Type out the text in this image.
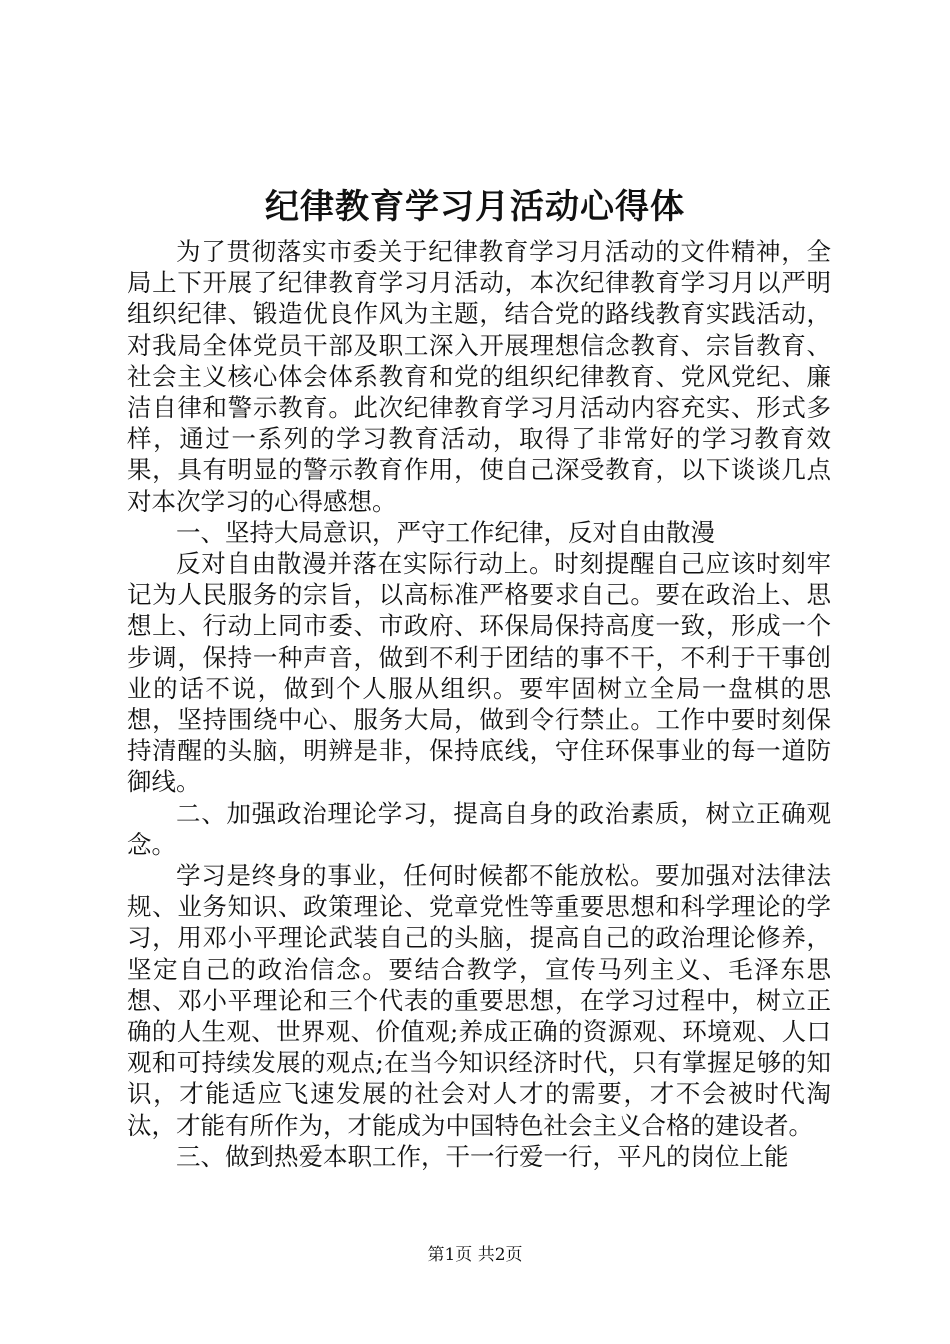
纪律教育学习月活动心得体

为了贯彻落实市委关于纪律教育学习月活动的文件精神，全局上下开展了纪律教育学习月活动，本次纪律教育学习月以严明组织纪律、锻造优良作风为主题，结合党的路线教育实践活动，对我局全体党员干部及职工深入开展理想信念教育、宗旨教育、社会主义核心体会体系教育和党的组织纪律教育、党风党纪、廉洁自律和警示教育。此次纪律教育学习月活动内容充实、形式多样，通过一系列的学习教育活动，取得了非常好的学习教育效果，具有明显的警示教育作用，使自己深受教育，以下谈谈几点对本次学习的心得感想。

一、坚持大局意识，严守工作纪律，反对自由散漫

反对自由散漫并落在实际行动上。时刻提醒自己应该时刻牢记为人民服务的宗旨，以高标准严格要求自己。要在政治上、思想上、行动上同市委、市政府、环保局保持高度一致，形成一个步调，保持一种声音，做到不利于团结的事不干，不利于干事创业的话不说，做到个人服从组织。要牢固树立全局一盘棋的思想，坚持围绕中心、服务大局，做到令行禁止。工作中要时刻保持清醒的头脑，明辨是非，保持底线，守住环保事业的每一道防御线。

二、加强政治理论学习，提高自身的政治素质，树立正确观念。

学习是终身的事业，任何时候都不能放松。要加强对法律法规、业务知识、政策理论、党章党性等重要思想和科学理论的学习，用邓小平理论武装自己的头脑，提高自己的政治理论修养，坚定自己的政治信念。要结合教学，宣传马列主义、毛泽东思想、邓小平理论和三个代表的重要思想，在学习过程中，树立正确的人生观、世界观、价值观;养成正确的资源观、环境观、人口观和可持续发展的观点;在当今知识经济时代，只有掌握足够的知识，才能适应飞速发展的社会对人才的需要，才不会被时代淘汰，才能有所作为，才能成为中国特色社会主义合格的建设者。

三、做到热爱本职工作，干一行爱一行，平凡的岗位上能

第1页 共2页
